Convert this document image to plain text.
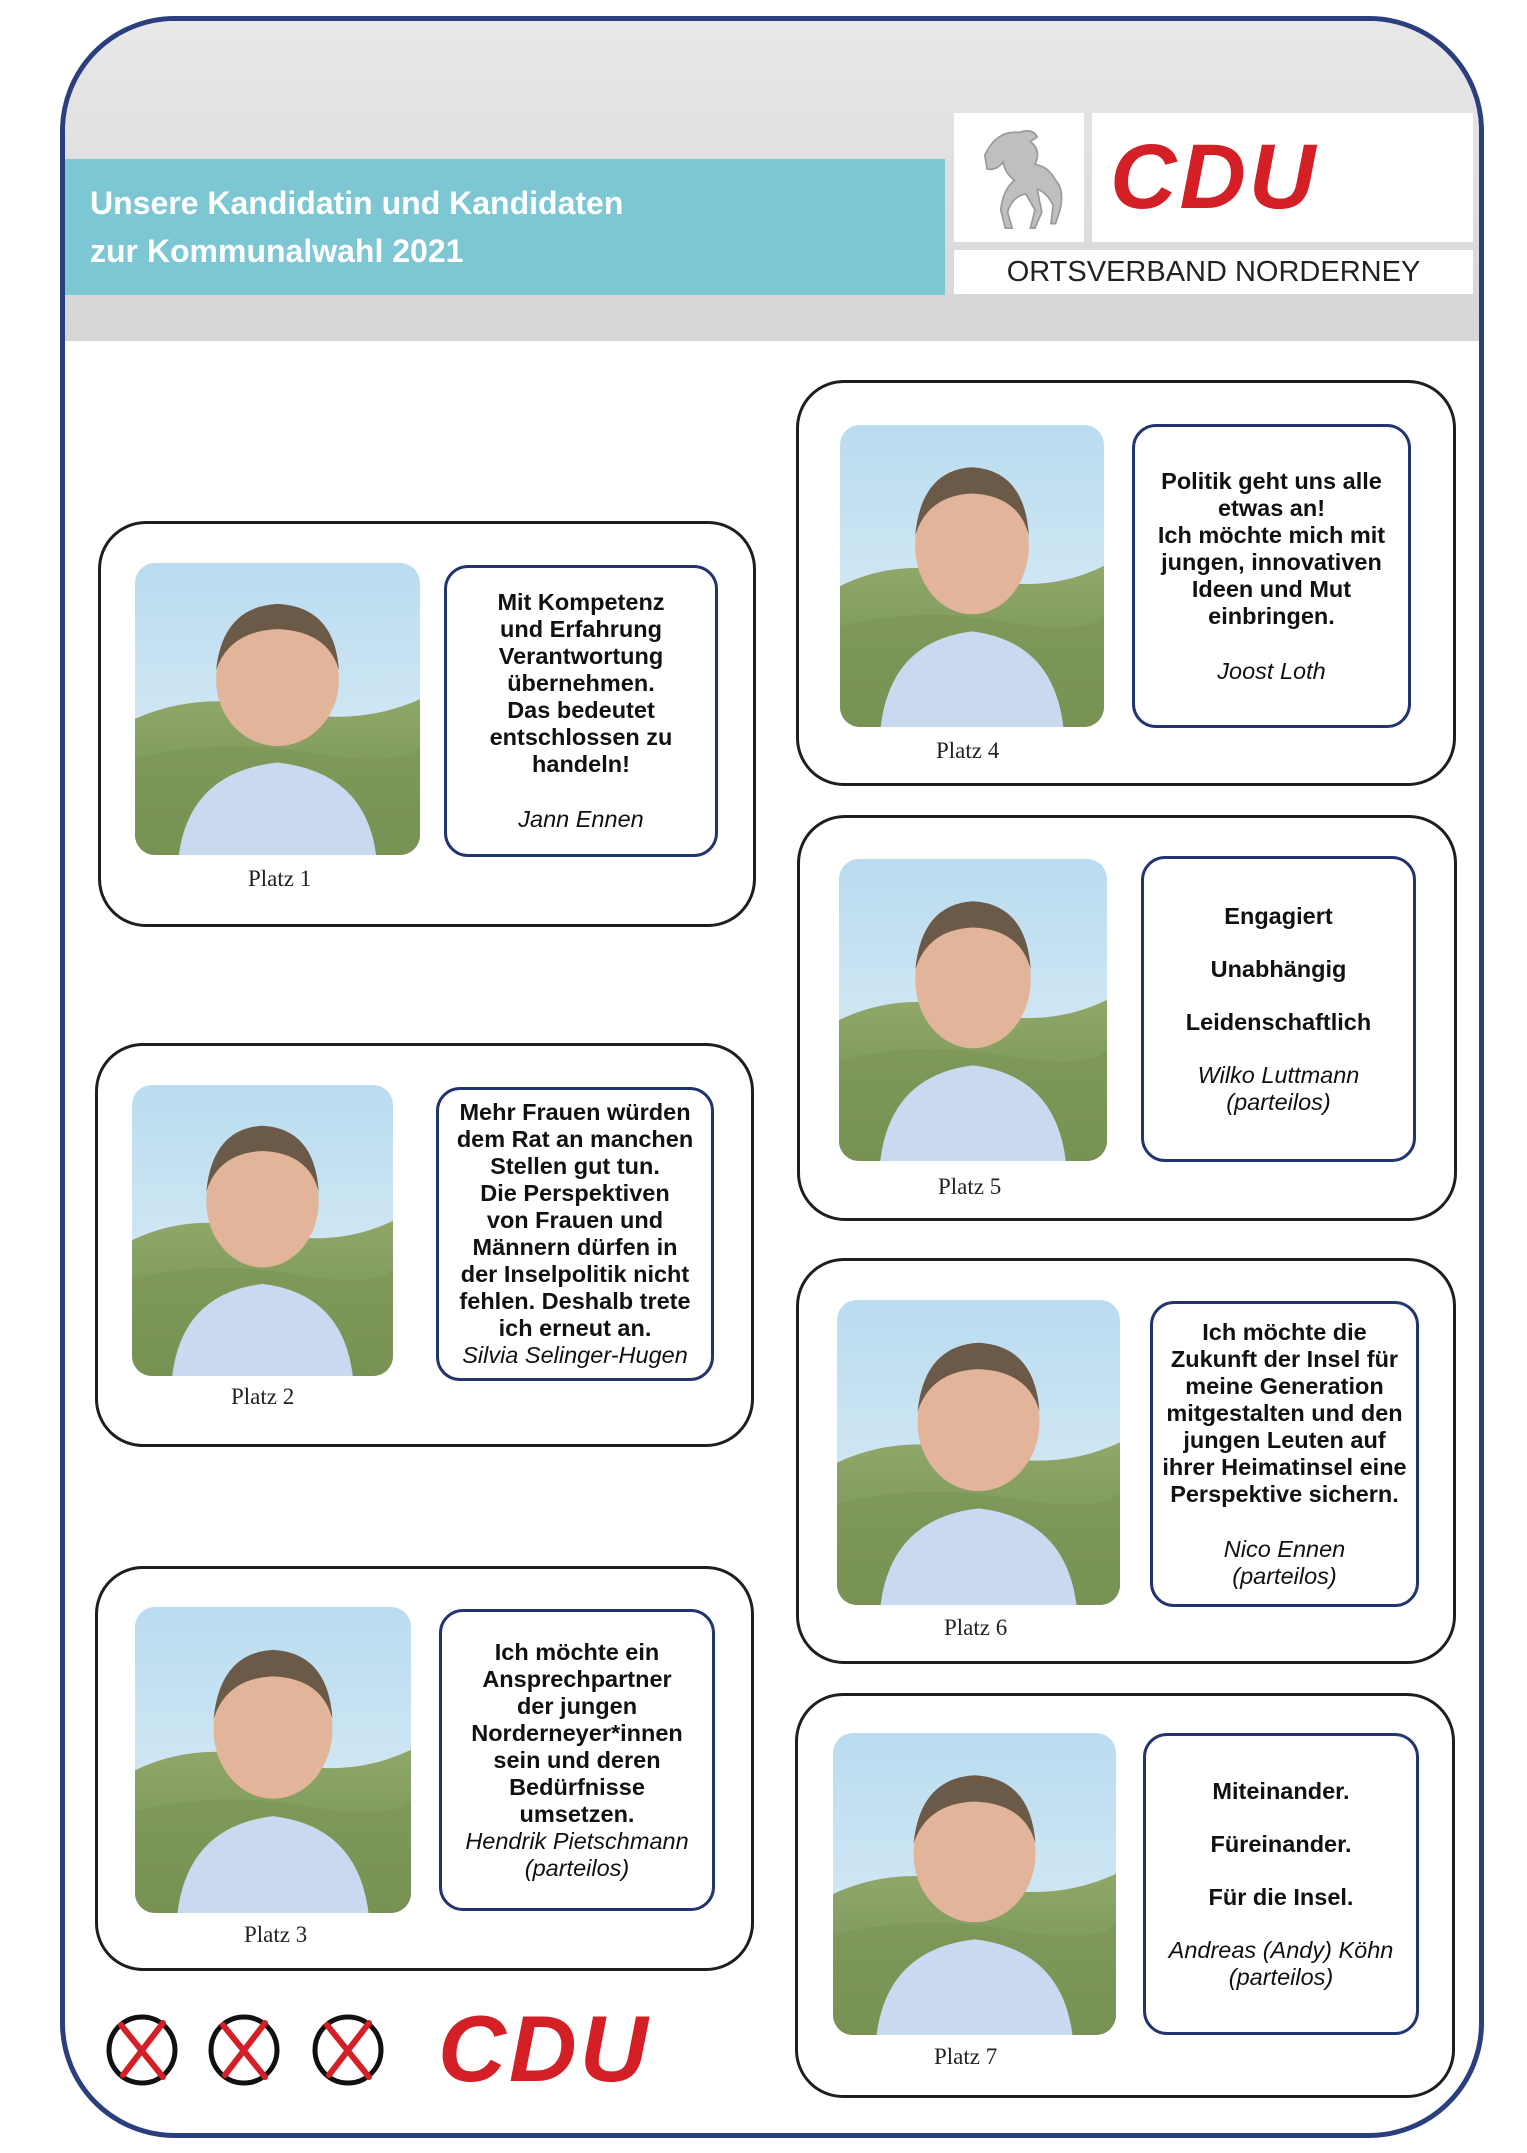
Unsere Kandidatin und Kandidaten
zur Kommunalwahl 2021
CDU
ORTSVERBAND NORDERNEY
Mit Kompetenz
und Erfahrung
Verantwortung
übernehmen.
Das bedeutet
entschlossen zu
handeln!
Jann Ennen
Platz 1
Mehr Frauen würden
dem Rat an manchen
Stellen gut tun.
Die Perspektiven
von Frauen und
Männern dürfen in
der Inselpolitik nicht
fehlen. Deshalb trete
ich erneut an.
Silvia Selinger-Hugen
Platz 2
Ich möchte ein
Ansprechpartner
der jungen
Norderneyer*innen
sein und deren
Bedürfnisse
umsetzen.
Hendrik Pietschmann
(parteilos)
Platz 3
Politik geht uns alle
etwas an!
Ich möchte mich mit
jungen, innovativen
Ideen und Mut
einbringen.
Joost Loth
Platz 4
Engagiert
Unabhängig
Leidenschaftlich
Wilko Luttmann
(parteilos)
Platz 5
Ich möchte die
Zukunft der Insel für
meine Generation
mitgestalten und den
jungen Leuten auf
ihrer Heimatinsel eine
Perspektive sichern.
Nico Ennen
(parteilos)
Platz 6
Miteinander.
Füreinander.
Für die Insel.
Andreas (Andy) Köhn
(parteilos)
Platz 7
CDU
